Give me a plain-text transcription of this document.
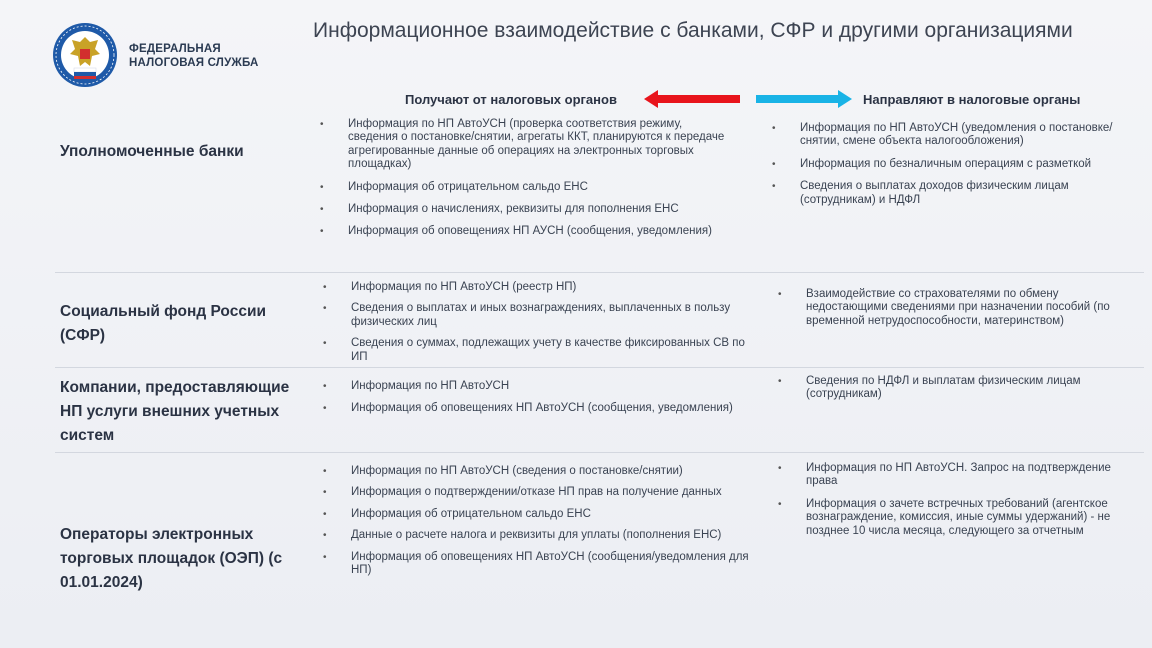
ФЕДЕРАЛЬНАЯ
НАЛОГОВАЯ СЛУЖБА
Информационное взаимодействие с банками, СФР и другими организациями
Получают от налоговых органов	Направляют в налоговые органы
Уполномоченные банки
• Информация по НП АвтоУСН (проверка соответствия режиму, сведения о постановке/снятии, агрегаты ККТ, планируются к передаче агрегированные данные об операциях на электронных торговых площадках)
• Информация об отрицательном сальдо ЕНС
• Информация о начислениях, реквизиты для пополнения ЕНС
• Информация об оповещениях НП АУСН (сообщения, уведомления)
• Информация по НП АвтоУСН (уведомления о постановке/снятии, смене объекта налогообложения)
• Информация по безналичным операциям с разметкой
• Сведения о выплатах доходов физическим лицам (сотрудникам) и НДФЛ
Социальный фонд России (СФР)
• Информация по НП АвтоУСН (реестр НП)
• Сведения о выплатах и иных вознаграждениях, выплаченных в пользу физических лиц
• Сведения о суммах, подлежащих учету в качестве фиксированных СВ по ИП
• Взаимодействие со страхователями по обмену недостающими сведениями при назначении пособий (по временной нетрудоспособности, материнством)
Компании, предоставляющие НП услуги внешних учетных систем
• Информация по НП АвтоУСН
• Информация об оповещениях НП АвтоУСН (сообщения, уведомления)
• Сведения по НДФЛ и выплатам физическим лицам (сотрудникам)
Операторы электронных торговых площадок (ОЭП) (с 01.01.2024)
• Информация по НП АвтоУСН (сведения о постановке/снятии)
• Информация о подтверждении/отказе НП прав на получение данных
• Информация об отрицательном сальдо ЕНС
• Данные о расчете налога и реквизиты для уплаты (пополнения ЕНС)
• Информация об оповещениях НП АвтоУСН (сообщения/уведомления для НП)
• Информация по НП АвтоУСН. Запрос на подтверждение права
• Информация о зачете встречных требований (агентское вознаграждение, комиссия, иные суммы удержаний) - не позднее 10 числа месяца, следующего за отчетным
